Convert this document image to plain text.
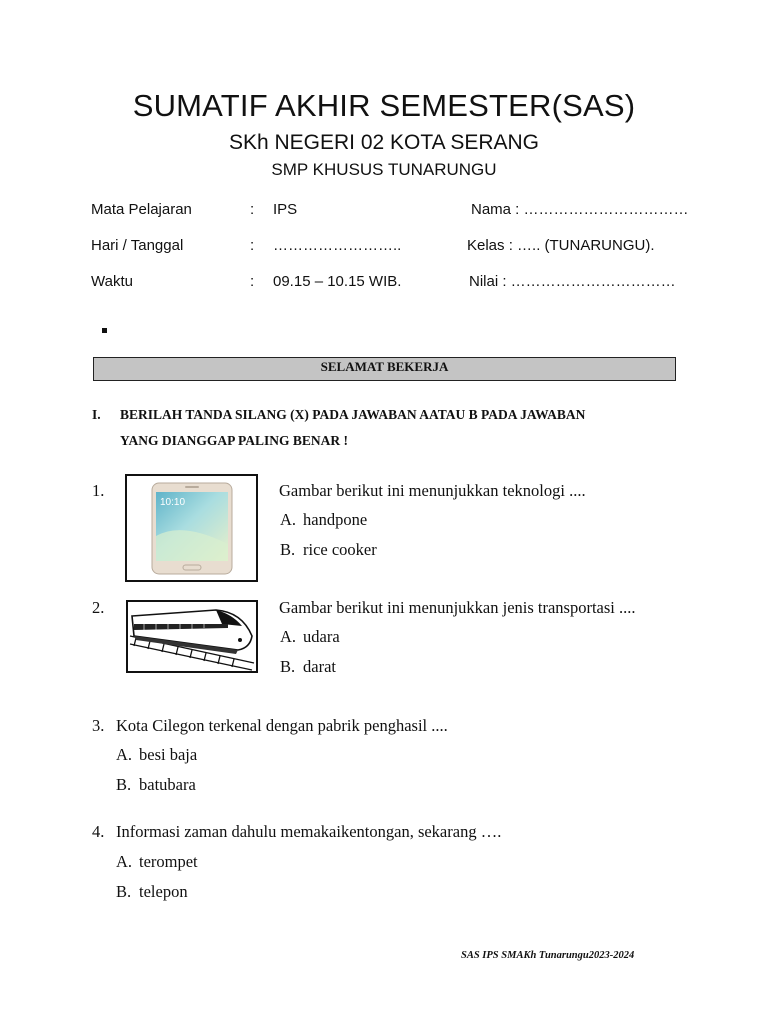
SUMATIF AKHIR SEMESTER(SAS)
SKh NEGERI 02 KOTA SERANG
SMP KHUSUS TUNARUNGU
Mata Pelajaran	: IPS	Nama : ……………………………
Hari / Tanggal	: ……………………..	Kelas : ….. (TUNARUNGU).
Waktu	: 09.15 – 10.15 WIB.	Nilai : ……………………………
SELAMAT BEKERJA
I. BERILAH TANDA SILANG (X) PADA JAWABAN AATAU B PADA JAWABAN
YANG DIANGGAP PALING BENAR !
1.
10:10
Gambar berikut ini menunjukkan teknologi ....
A. handpone
B. rice cooker
2.	Gambar berikut ini menunjukkan jenis transportasi ....
A. udara
B. darat
3. Kota Cilegon terkenal dengan pabrik penghasil ....
A. besi baja
B. batubara
4. Informasi zaman dahulu memakaikentongan, sekarang ….
A. terompet
B. telepon
SAS IPS SMAKh Tunarungu2023-2024
